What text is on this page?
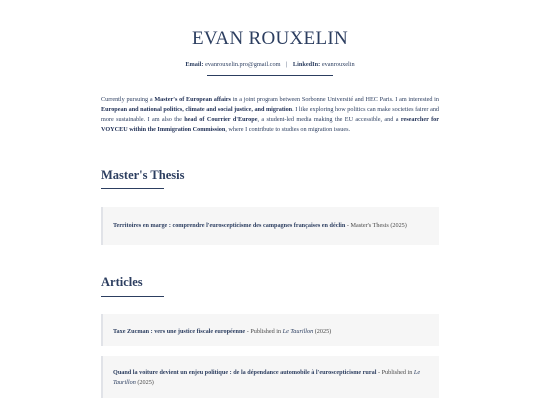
EVAN ROUXELIN
Email: evanrouxelin.pro@gmail.com | LinkedIn: evanrouxelin

Currently pursuing a Master's of European affairs in a joint program between Sorbonne Université and HEC Paris. I am interested in European and national politics, climate and social justice, and migration. I like exploring how politics can make societies fairer and more sustainable. I am also the head of Courrier d'Europe, a student-led media making the EU accessible, and a researcher for VOYCEU within the Immigration Commission, where I contribute to studies on migration issues.

Master's Thesis
Territoires en marge : comprendre l'euroscepticisme des campagnes françaises en déclin - Master's Thesis (2025)
Articles
Taxe Zucman : vers une justice fiscale européenne - Published in Le Taurillon (2025)
Quand la voiture devient un enjeu politique : de la dépendance automobile à l'euroscepticisme rural - Published in Le Taurillon (2025)
